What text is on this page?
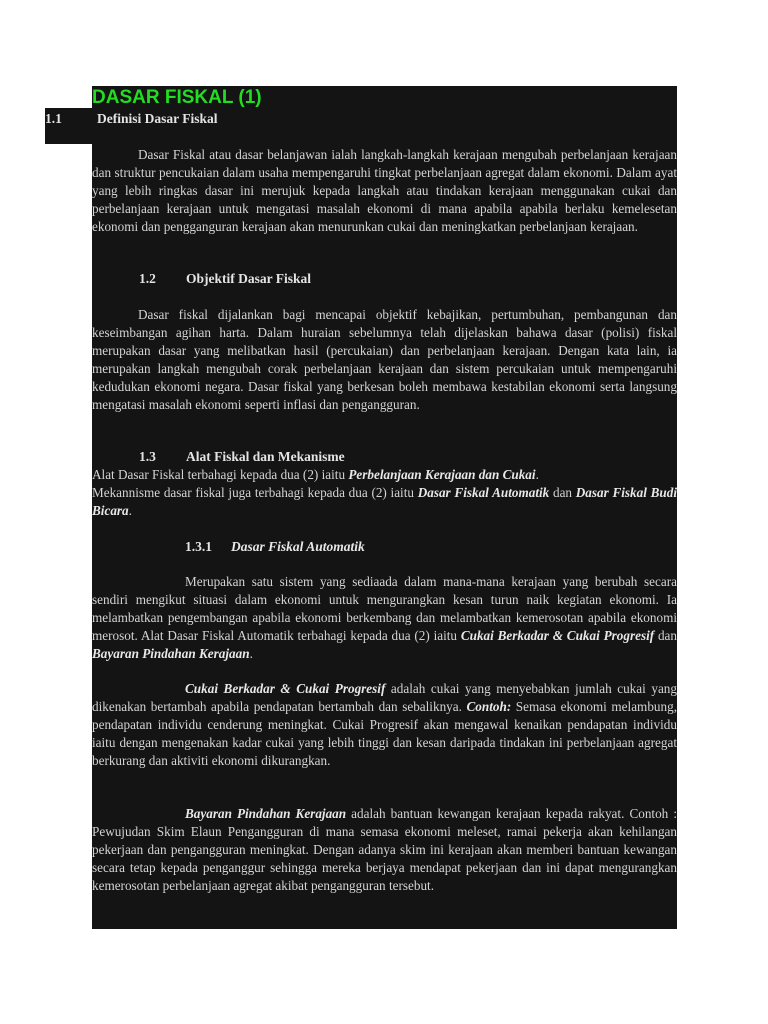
DASAR FISKAL (1)
1.1	Definisi Dasar Fiskal

Dasar Fiskal atau dasar belanjawan ialah langkah-langkah kerajaan mengubah perbelanjaan kerajaan dan struktur pencukaian dalam usaha mempengaruhi tingkat perbelanjaan agregat dalam ekonomi. Dalam ayat yang lebih ringkas dasar ini merujuk kepada langkah atau tindakan kerajaan menggunakan cukai dan perbelanjaan kerajaan untuk mengatasi masalah ekonomi di mana apabila apabila berlaku kemelesetan ekonomi dan pengganguran kerajaan akan menurunkan cukai dan meningkatkan perbelanjaan kerajaan.

1.2 Objektif Dasar Fiskal

Dasar fiskal dijalankan bagi mencapai objektif kebajikan, pertumbuhan, pembangunan dan keseimbangan agihan harta. Dalam huraian sebelumnya telah dijelaskan bahawa dasar (polisi) fiskal merupakan dasar yang melibatkan hasil (percukaian) dan perbelanjaan kerajaan. Dengan kata lain, ia merupakan langkah mengubah corak perbelanjaan kerajaan dan sistem percukaian untuk mempengaruhi kedudukan ekonomi negara. Dasar fiskal yang berkesan boleh membawa kestabilan ekonomi serta langsung mengatasi masalah ekonomi seperti inflasi dan pengangguran.

1.3 Alat Fiskal dan Mekanisme

Alat Dasar Fiskal terbahagi kepada dua (2) iaitu Perbelanjaan Kerajaan dan Cukai.

Mekannisme dasar fiskal juga terbahagi kepada dua (2) iaitu Dasar Fiskal Automatik dan Dasar Fiskal Budi Bicara.

1.3.1 Dasar Fiskal Automatik

Merupakan satu sistem yang sediaada dalam mana-mana kerajaan yang berubah secara sendiri mengikut situasi dalam ekonomi untuk mengurangkan kesan turun naik kegiatan ekonomi. Ia melambatkan pengembangan apabila ekonomi berkembang dan melambatkan kemerosotan apabila ekonomi merosot. Alat Dasar Fiskal Automatik terbahagi kepada dua (2) iaitu Cukai Berkadar & Cukai Progresif dan Bayaran Pindahan Kerajaan.

Cukai Berkadar & Cukai Progresif adalah cukai yang menyebabkan jumlah cukai yang dikenakan bertambah apabila pendapatan bertambah dan sebaliknya. Contoh: Semasa ekonomi melambung, pendapatan individu cenderung meningkat. Cukai Progresif akan mengawal kenaikan pendapatan individu iaitu dengan mengenakan kadar cukai yang lebih tinggi dan kesan daripada tindakan ini perbelanjaan agregat berkurang dan aktiviti ekonomi dikurangkan.

Bayaran Pindahan Kerajaan adalah bantuan kewangan kerajaan kepada rakyat. Contoh : Pewujudan Skim Elaun Pengangguran di mana semasa ekonomi meleset, ramai pekerja akan kehilangan pekerjaan dan pengangguran meningkat. Dengan adanya skim ini kerajaan akan memberi bantuan kewangan secara tetap kepada penganggur sehingga mereka berjaya mendapat pekerjaan dan ini dapat mengurangkan kemerosotan perbelanjaan agregat akibat pengangguran tersebut.
